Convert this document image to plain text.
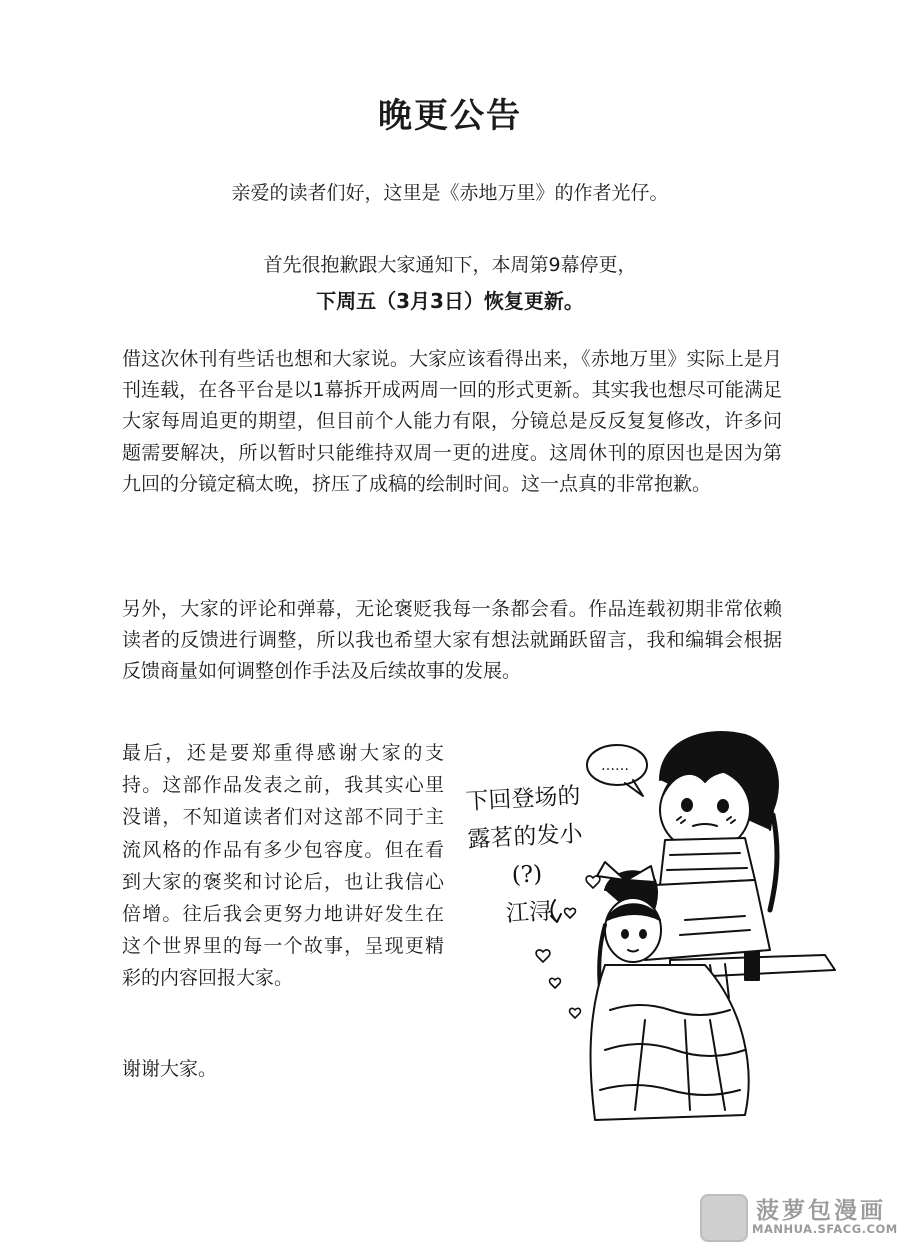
晚更公告
亲爱的读者们好，这里是《赤地万里》的作者光仔。
首先很抱歉跟大家通知下，本周第9幕停更，
下周五（3月3日）恢复更新。
借这次休刊有些话也想和大家说。大家应该看得出来，《赤地万里》实际上是月刊连载，在各平台是以1幕拆开成两周一回的形式更新。其实我也想尽可能满足大家每周追更的期望，但目前个人能力有限，分镜总是反反复复修改，许多问题需要解决，所以暂时只能维持双周一更的进度。这周休刊的原因也是因为第九回的分镜定稿太晚，挤压了成稿的绘制时间。这一点真的非常抱歉。
另外，大家的评论和弹幕，无论褒贬我每一条都会看。作品连载初期非常依赖读者的反馈进行调整，所以我也希望大家有想法就踊跃留言，我和编辑会根据反馈商量如何调整创作手法及后续故事的发展。
最后，还是要郑重得感谢大家的支持。这部作品发表之前，我其实心里没谱，不知道读者们对这部不同于主流风格的作品有多少包容度。但在看到大家的褒奖和讨论后，也让我信心倍增。往后我会更努力地讲好发生在这个世界里的每一个故事，呈现更精彩的内容回报大家。
谢谢大家。
……
下回登场的
露茗的发小(?)
江浔
菠萝包漫画
MANHUA.SFACG.COM
